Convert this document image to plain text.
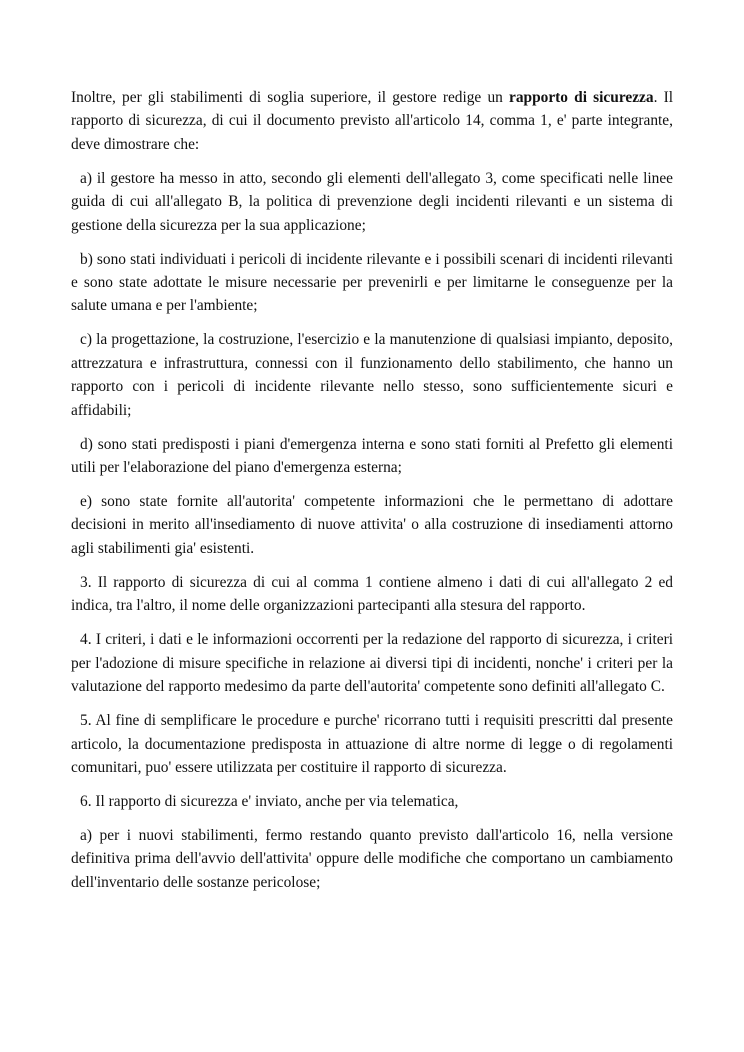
Inoltre, per gli stabilimenti di soglia superiore, il gestore redige un rapporto di sicurezza. Il rapporto di sicurezza, di cui il documento previsto all'articolo 14, comma 1, e' parte integrante, deve dimostrare che:

a) il gestore ha messo in atto, secondo gli elementi dell'allegato 3, come specificati nelle linee guida di cui all'allegato B, la politica di prevenzione degli incidenti rilevanti e un sistema di gestione della sicurezza per la sua applicazione;

b) sono stati individuati i pericoli di incidente rilevante e i possibili scenari di incidenti rilevanti e sono state adottate le misure necessarie per prevenirli e per limitarne le conseguenze per la salute umana e per l'ambiente;

c) la progettazione, la costruzione, l'esercizio e la manutenzione di qualsiasi impianto, deposito, attrezzatura e infrastruttura, connessi con il funzionamento dello stabilimento, che hanno un rapporto con i pericoli di incidente rilevante nello stesso, sono sufficientemente sicuri e affidabili;

d) sono stati predisposti i piani d'emergenza interna e sono stati forniti al Prefetto gli elementi utili per l'elaborazione del piano d'emergenza esterna;

e) sono state fornite all'autorita' competente informazioni che le permettano di adottare decisioni in merito all'insediamento di nuove attivita' o alla costruzione di insediamenti attorno agli stabilimenti gia' esistenti.

3. Il rapporto di sicurezza di cui al comma 1 contiene almeno i dati di cui all'allegato 2 ed indica, tra l'altro, il nome delle organizzazioni partecipanti alla stesura del rapporto.

4. I criteri, i dati e le informazioni occorrenti per la redazione del rapporto di sicurezza, i criteri per l'adozione di misure specifiche in relazione ai diversi tipi di incidenti, nonche' i criteri per la valutazione del rapporto medesimo da parte dell'autorita' competente sono definiti all'allegato C.

5. Al fine di semplificare le procedure e purche' ricorrano tutti i requisiti prescritti dal presente articolo, la documentazione predisposta in attuazione di altre norme di legge o di regolamenti comunitari, puo' essere utilizzata per costituire il rapporto di sicurezza.

6. Il rapporto di sicurezza e' inviato, anche per via telematica,

a) per i nuovi stabilimenti, fermo restando quanto previsto dall'articolo 16, nella versione definitiva prima dell'avvio dell'attivita' oppure delle modifiche che comportano un cambiamento dell'inventario delle sostanze pericolose;
